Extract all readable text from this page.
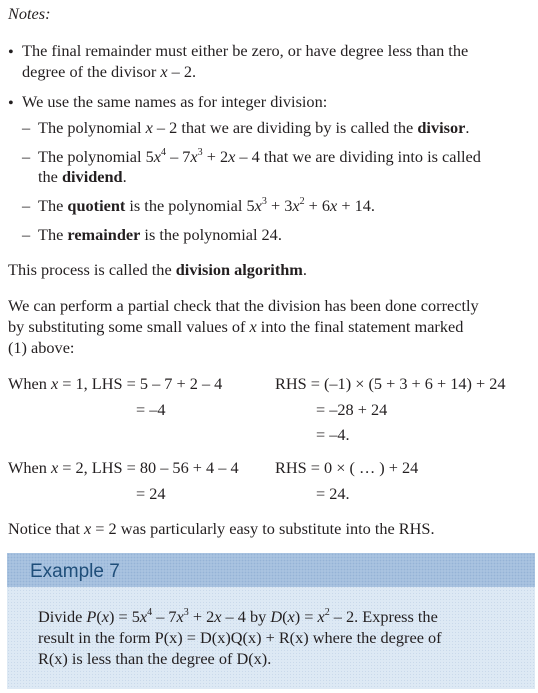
Notes:
• The final remainder must either be zero, or have degree less than the
degree of the divisor x – 2.
• We use the same names as for integer division:
– The polynomial x – 2 that we are dividing by is called the divisor.
– The polynomial $5x^4 - 7x^3 + 2x - 4$ that we are dividing into is called
the dividend.
– The quotient is the polynomial $5x^3 + 3x^2 + 6x + 14$.
– The remainder is the polynomial 24.
This process is called the division algorithm.
We can perform a partial check that the division has been done correctly
by substituting some small values of x into the final statement marked
(1) above:
When x = 1, LHS = 5 – 7 + 2 – 4
= –4
RHS = (–1) × (5 + 3 + 6 + 14) + 24
= –28 + 24
= –4.
When x = 2, LHS = 80 – 56 + 4 – 4
= 24
RHS = 0 × ( … ) + 24
= 24.
Notice that x = 2 was particularly easy to substitute into the RHS.
Example 7
Divide $P(x) = 5x^4 - 7x^3 + 2x - 4$ by $D(x) = x^2 - 2$. Express the
result in the form P(x) = D(x)Q(x) + R(x) where the degree of
R(x) is less than the degree of D(x).
